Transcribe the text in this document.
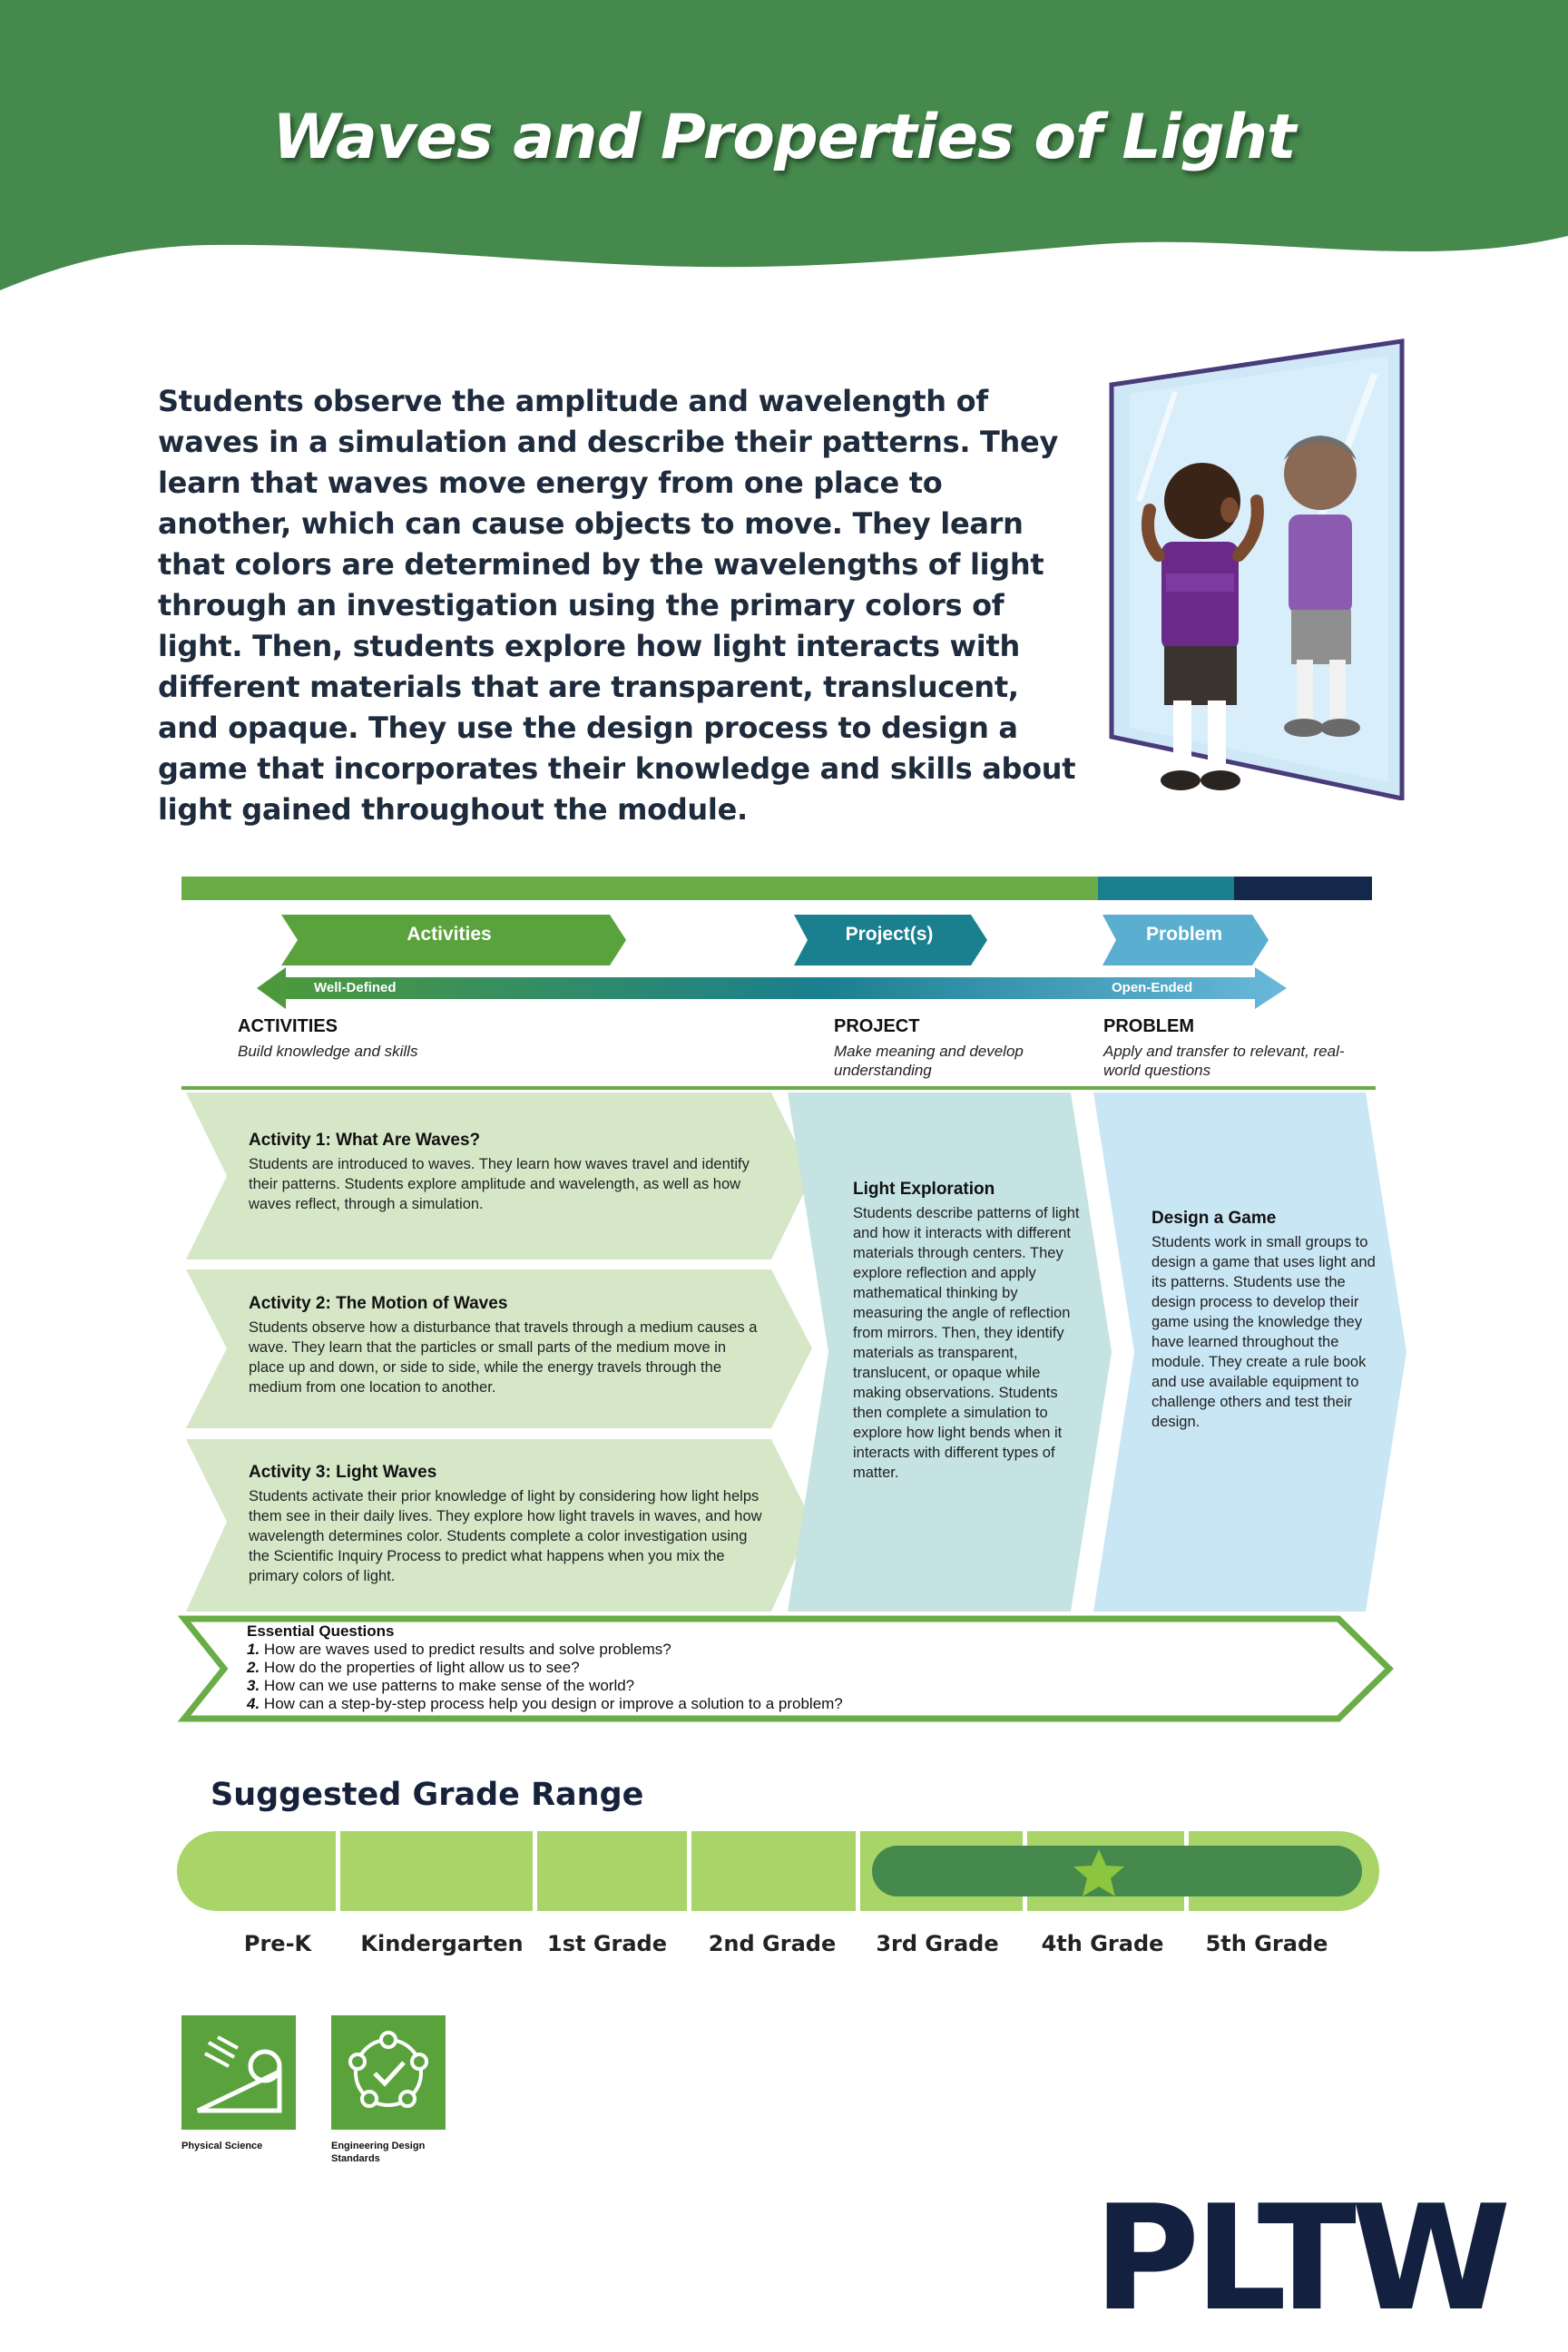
Waves and Properties of Light
Students observe the amplitude and wavelength of waves in a simulation and describe their patterns. They learn that waves move energy from one place to another, which can cause objects to move. They learn that colors are determined by the wavelengths of light through an investigation using the primary colors of light. Then, students explore how light interacts with different materials that are transparent, translucent, and opaque. They use the design process to design a game that incorporates their knowledge and skills about light gained throughout the module.
Activities	Project(s)	Problem
Well-Defined	Open-Ended
ACTIVITIES
Build knowledge and skills
PROJECT
Make meaning and develop understanding
PROBLEM
Apply and transfer to relevant, real-world questions
Activity 1: What Are Waves?
Students are introduced to waves. They learn how waves travel and identify their patterns. Students explore amplitude and wavelength, as well as how waves reflect, through a simulation.
Activity 2: The Motion of Waves
Students observe how a disturbance that travels through a medium causes a wave. They learn that the particles or small parts of the medium move in place up and down, or side to side, while the energy travels through the medium from one location to another.
Activity 3: Light Waves
Students activate their prior knowledge of light by considering how light helps them see in their daily lives. They explore how light travels in waves, and how wavelength determines color. Students complete a color investigation using the Scientific Inquiry Process to predict what happens when you mix the primary colors of light.
Light Exploration
Students describe patterns of light and how it interacts with different materials through centers. They explore reflection and apply mathematical thinking by measuring the angle of reflection from mirrors. Then, they identify materials as transparent, translucent, or opaque while making observations. Students then complete a simulation to explore how light bends when it interacts with different types of matter.
Design a Game
Students work in small groups to design a game that uses light and its patterns. Students use the design process to develop their game using the knowledge they have learned throughout the module. They create a rule book and use available equipment to challenge others and test their design.
Essential Questions
1. How are waves used to predict results and solve problems?
2. How do the properties of light allow us to see?
3. How can we use patterns to make sense of the world?
4. How can a step-by-step process help you design or improve a solution to a problem?
Suggested Grade Range
Pre-K	Kindergarten	1st Grade	2nd Grade	3rd Grade	4th Grade	5th Grade
Physical Science	Engineering Design Standards
PLTW
